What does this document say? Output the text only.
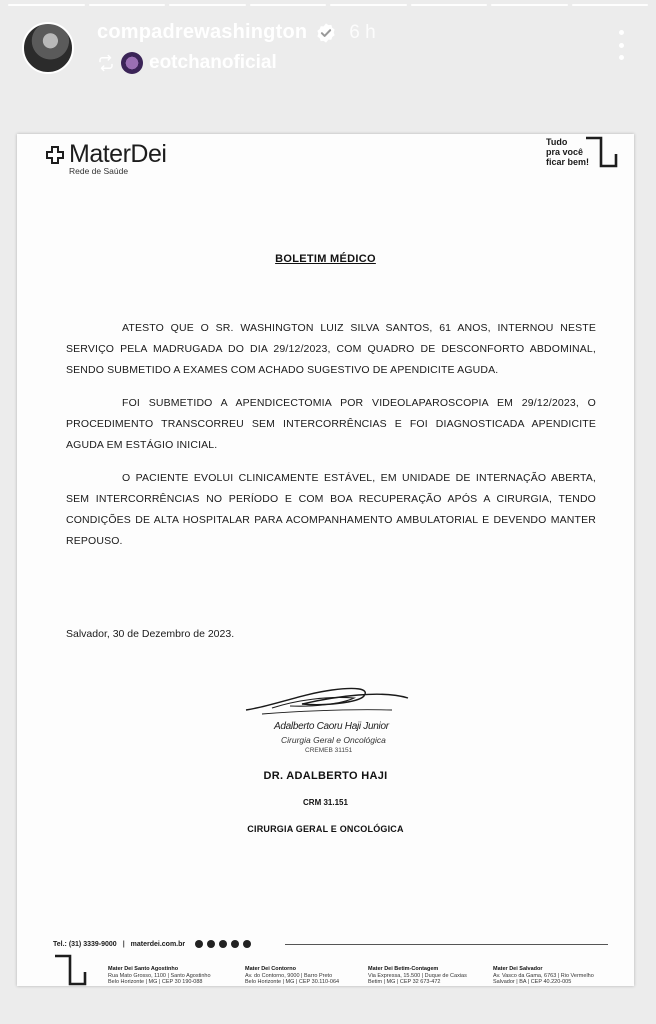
compadrewashington 6 h
eotchanoficial
MaterDei
Rede de Saúde
Tudo
pra você
ficar bem!
BOLETIM MÉDICO

ATESTO QUE O SR. WASHINGTON LUIZ SILVA SANTOS, 61 ANOS, INTERNOU NESTE SERVIÇO PELA MADRUGADA DO DIA 29/12/2023, COM QUADRO DE DESCONFORTO ABDOMINAL, SENDO SUBMETIDO A EXAMES COM ACHADO SUGESTIVO DE APENDICITE AGUDA.

FOI SUBMETIDO A APENDICECTOMIA POR VIDEOLAPAROSCOPIA EM 29/12/2023, O PROCEDIMENTO TRANSCORREU SEM INTERCORRÊNCIAS E FOI DIAGNOSTICADA APENDICITE AGUDA EM ESTÁGIO INICIAL.

O PACIENTE EVOLUI CLINICAMENTE ESTÁVEL, EM UNIDADE DE INTERNAÇÃO ABERTA, SEM INTERCORRÊNCIAS NO PERÍODO E COM BOA RECUPERAÇÃO APÓS A CIRURGIA, TENDO CONDIÇÕES DE ALTA HOSPITALAR PARA ACOMPANHAMENTO AMBULATORIAL E DEVENDO MANTER REPOUSO.

Salvador, 30 de Dezembro de 2023.
Adalberto Caoru Haji Junior
Cirurgia Geral e Oncológica
CREMEB 31151
DR. ADALBERTO HAJI
CRM 31.151
CIRURGIA GERAL E ONCOLÓGICA
Tel.: (31) 3339-9000 | materdei.com.br
Mater Dei Santo Agostinho
Rua Mato Grosso, 1100 | Santo Agostinho
Belo Horizonte | MG | CEP 30 190-088
Mater Dei Contorno
Av. do Contorno, 9000 | Barro Preto
Belo Horizonte | MG | CEP 30.110-064
Mater Dei Betim-Contagem
Via Expressa, 15.500 | Duque de Caxias
Betim | MG | CEP 32 673-472
Mater Dei Salvador
Av. Vasco da Gama, 6763 | Rio Vermelho
Salvador | BA | CEP 40.220-005
